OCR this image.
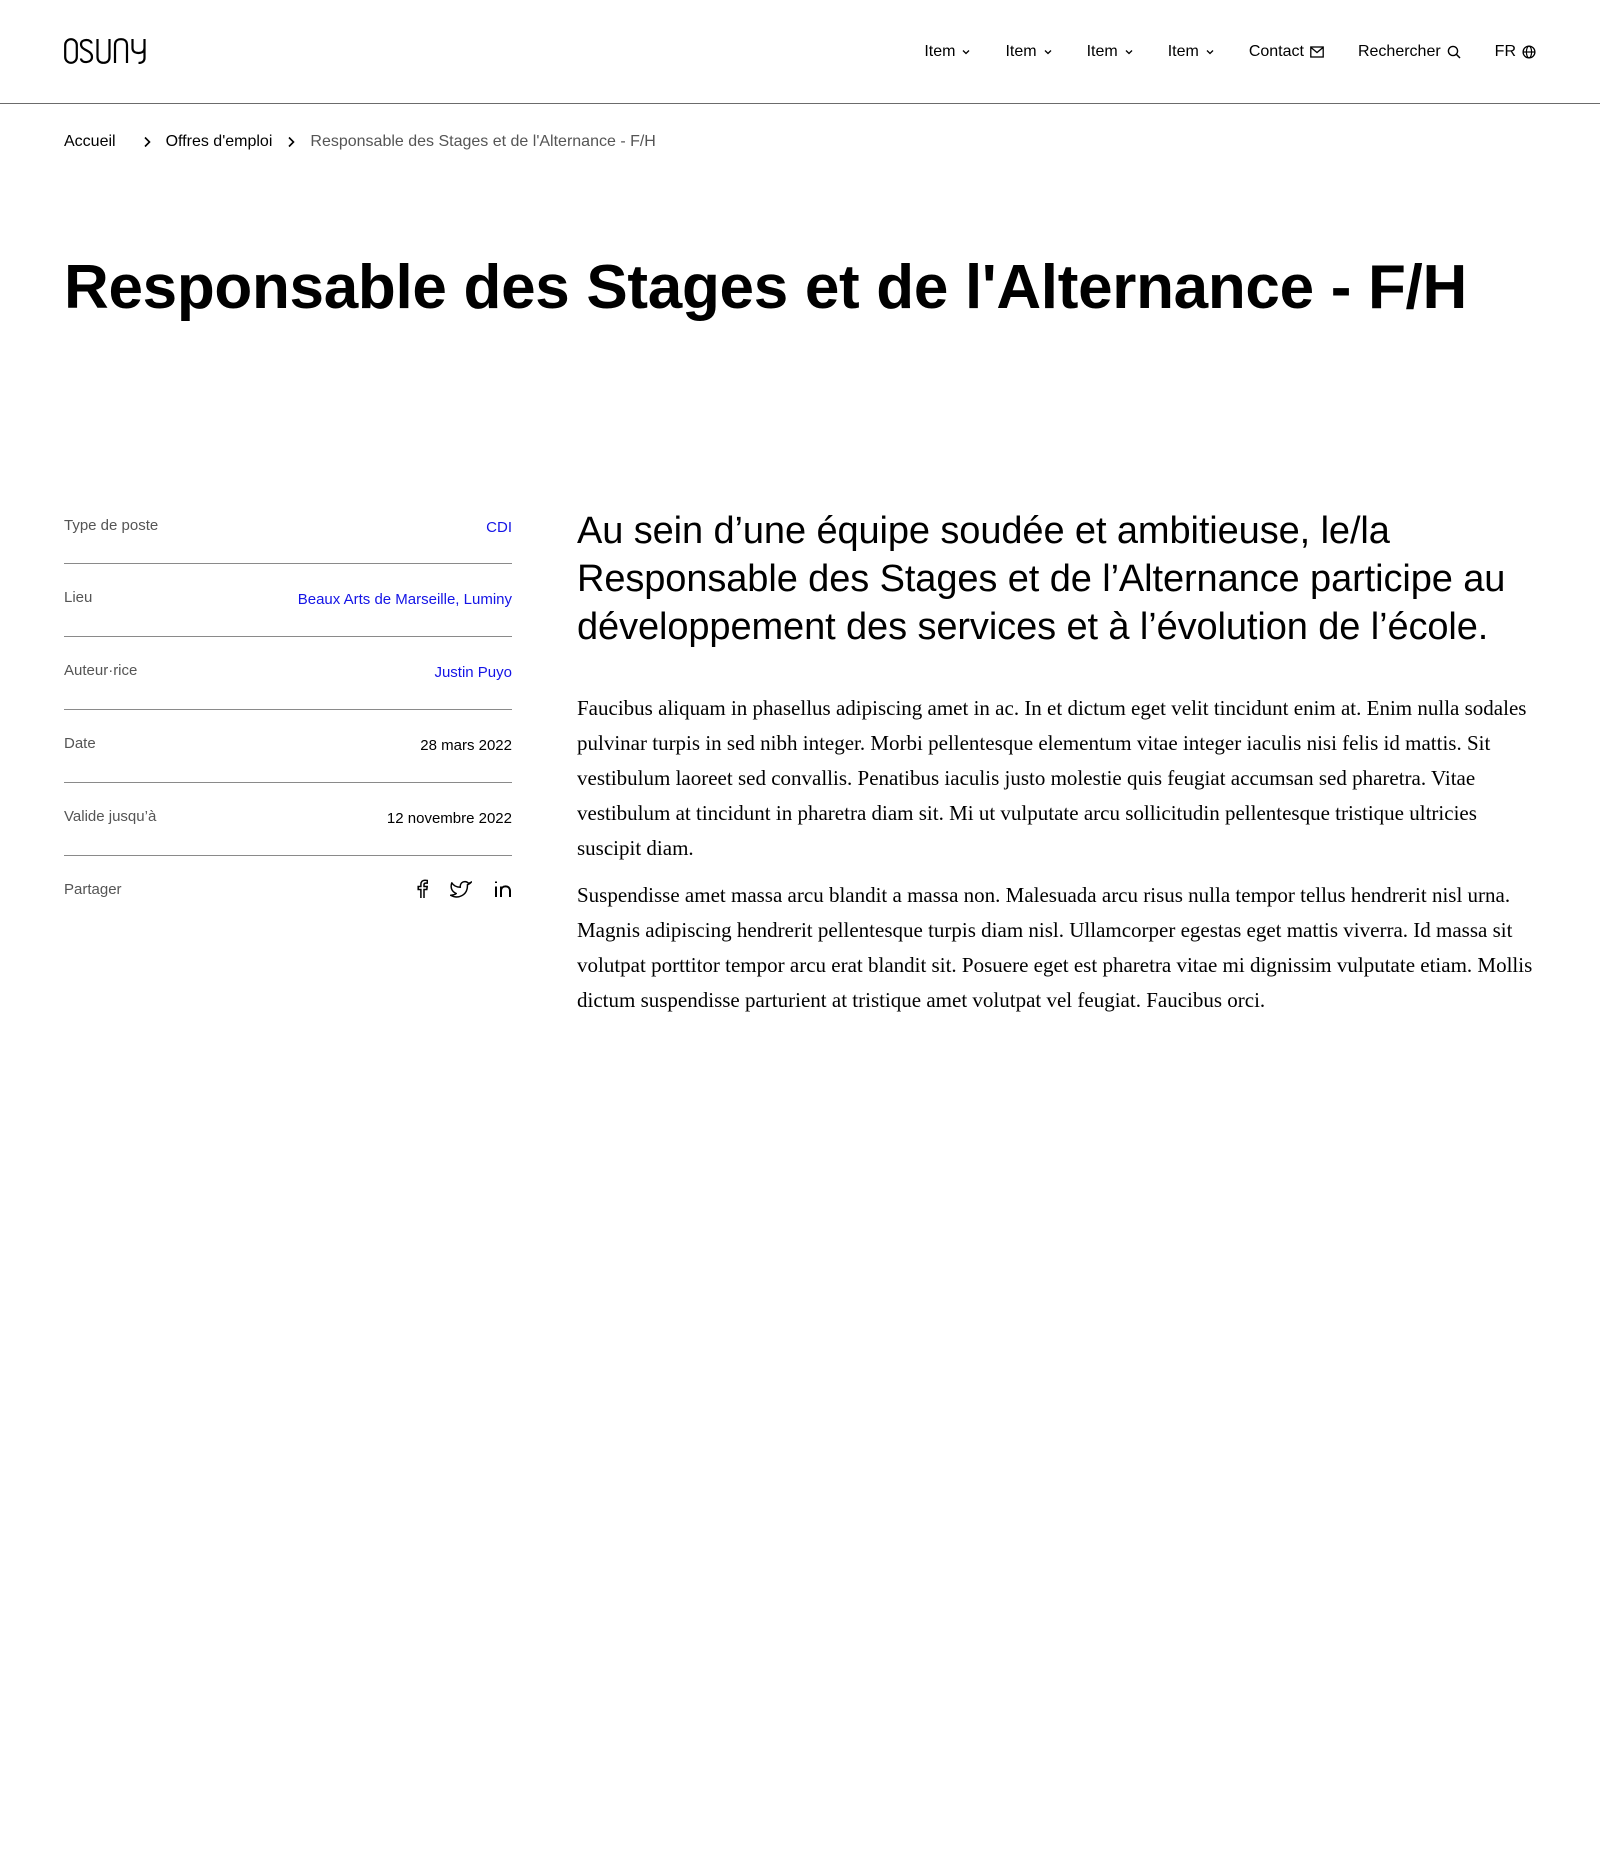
Item	Item	Item	Item	Contact	Rechercher	FR
Accueil	Offres d'emploi Responsable des Stages et de l'Alternance - F/H
Responsable des Stages et de l'Alternance - F/H
Type de poste	CDI
Lieu	Beaux Arts de Marseille, Luminy
Auteur·rice	Justin Puyo
Date	28 mars 2022
Valide jusqu’à	12 novembre 2022
Partager

Au sein d’une équipe soudée et ambitieuse, le/la Responsable des Stages et de l’Alternance participe au développement des services et à l’évolution de l’école.

Faucibus aliquam in phasellus adipiscing amet in ac. In et dictum eget velit tincidunt enim at. Enim nulla sodales pulvinar turpis in sed nibh integer. Morbi pellentesque elementum vitae integer iaculis nisi felis id mattis. Sit vestibulum laoreet sed convallis. Penatibus iaculis justo molestie quis feugiat accumsan sed pharetra. Vitae vestibulum at tincidunt in pharetra diam sit. Mi ut vulputate arcu sollicitudin pellentesque tristique ultricies suscipit diam.

Suspendisse amet massa arcu blandit a massa non. Malesuada arcu risus nulla tempor tellus hendrerit nisl urna. Magnis adipiscing hendrerit pellentesque turpis diam nisl. Ullamcorper egestas eget mattis viverra. Id massa sit volutpat porttitor tempor arcu erat blandit sit. Posuere eget est pharetra vitae mi dignissim vulputate etiam. Mollis dictum suspendisse parturient at tristique amet volutpat vel feugiat. Faucibus orci.
